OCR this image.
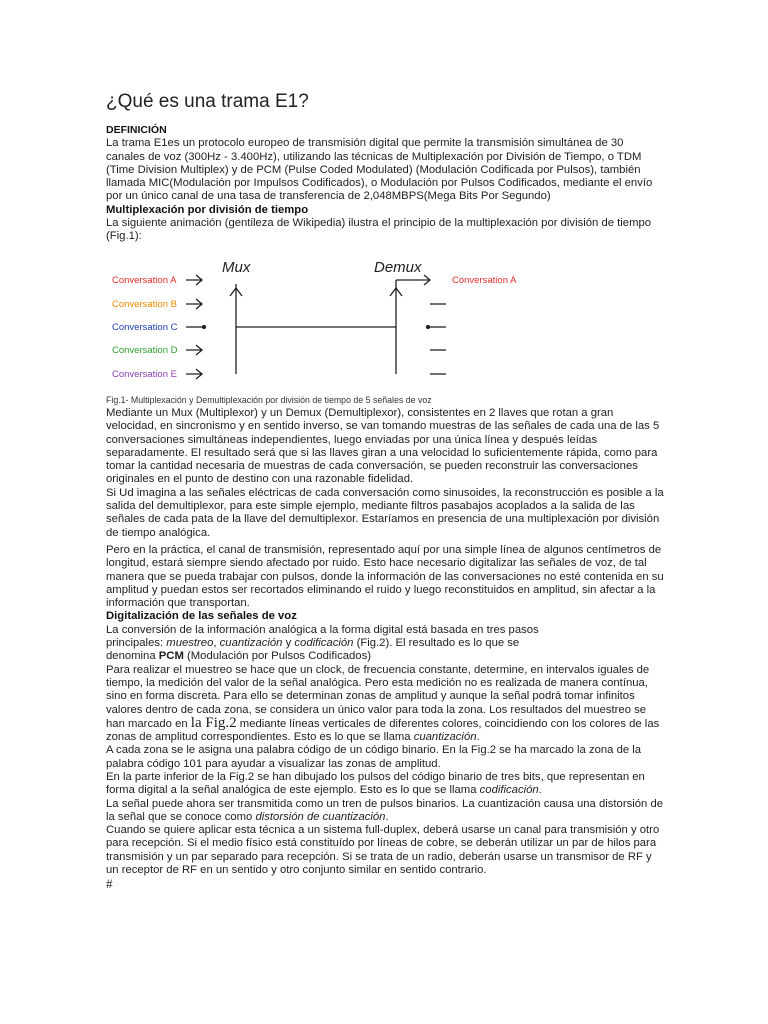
¿Qué es una trama E1?

DEFINICIÓN

La trama E1es un protocolo europeo de transmisión digital que permite la transmisión simultánea de 30 canales de voz (300Hz - 3.400Hz), utilizando las técnicas de Multiplexación por División de Tiempo, o TDM (Time Division Multiplex) y de PCM (Pulse Coded Modulated) (Modulación Codificada por Pulsos), también llamada MIC(Modulación por Impulsos Codificados), o Modulación por Pulsos Codificados, mediante el envío por un único canal de una tasa de transferencia de 2,048MBPS(Mega Bits Por Segundo)

Multiplexación por división de tiempo

La siguiente animación (gentileza de Wikipedia) ilustra el principio de la multiplexación por división de tiempo (Fig.1):

Mux	Demux
Conversation A
Conversation B
Conversation C
Conversation D
Conversation E
Conversation A

Fig.1- Multiplexación y Demultiplexación por división de tiempo de 5 señales de voz

Mediante un Mux (Multiplexor) y un Demux (Demultiplexor), consistentes en 2 llaves que rotan a gran velocidad, en sincronismo y en sentido inverso, se van tomando muestras de las señales de cada una de las 5 conversaciones simultáneas independientes, luego enviadas por una única línea y después leídas separadamente. El resultado será que si las llaves giran a una velocidad lo suficientemente rápida, como para tomar la cantidad necesaria de muestras de cada conversación, se pueden reconstruir las conversaciones originales en el punto de destino con una razonable fidelidad.

Si Ud imagina a las señales eléctricas de cada conversación como sinusoides, la reconstrucción es posible a la salida del demultiplexor, para este simple ejemplo, mediante filtros pasabajos acoplados a la salida de las señales de cada pata de la llave del demultiplexor. Estaríamos en presencia de una multiplexación por división de tiempo analógica.

Pero en la práctica, el canal de transmisión, representado aquí por una simple línea de algunos centímetros de longitud, estará siempre siendo afectado por ruido. Esto hace necesario digitalizar las señales de voz, de tal manera que se pueda trabajar con pulsos, donde la información de las conversaciones no esté contenida en su amplitud y puedan estos ser recortados eliminando el ruido y luego reconstituidos en amplitud, sin afectar a la información que transportan.

Digitalización de las señales de voz

La conversión de la información analógica a la forma digital está basada en tres pasos

principales: muestreo, cuantización y codificación (Fig.2). El resultado es lo que se

denomina PCM (Modulación por Pulsos Codificados)

Para realizar el muestreo se hace que un clock, de frecuencia constante, determine, en intervalos iguales de tiempo, la medición del valor de la señal analógica. Pero esta medición no es realizada de manera contínua, sino en forma discreta. Para ello se determinan zonas de amplitud y aunque la señal podrá tomar infinitos valores dentro de cada zona, se considera un único valor para toda la zona. Los resultados del muestreo se han marcado en la Fig.2 mediante líneas verticales de diferentes colores, coincidiendo con los colores de las zonas de amplitud correspondientes. Esto es lo que se llama cuantización.

A cada zona se le asigna una palabra código de un código binario. En la Fig.2 se ha marcado la zona de la palabra código 101 para ayudar a visualizar las zonas de amplitud.

En la parte inferior de la Fig.2 se han dibujado los pulsos del código binario de tres bits, que representan en forma digital a la señal analógica de este ejemplo. Esto es lo que se llama codificación.

La señal puede ahora ser transmitida como un tren de pulsos binarios. La cuantización causa una distorsión de la señal que se conoce como distorsión de cuantización.

Cuando se quiere aplicar esta técnica a un sistema full-duplex, deberá usarse un canal para transmisión y otro para recepción. Si el medio físico está constituído por líneas de cobre, se deberán utilizar un par de hilos para transmisión y un par separado para recepción. Si se trata de un radio, deberán usarse un transmisor de RF y un receptor de RF en un sentido y otro conjunto similar en sentido contrario.

#
